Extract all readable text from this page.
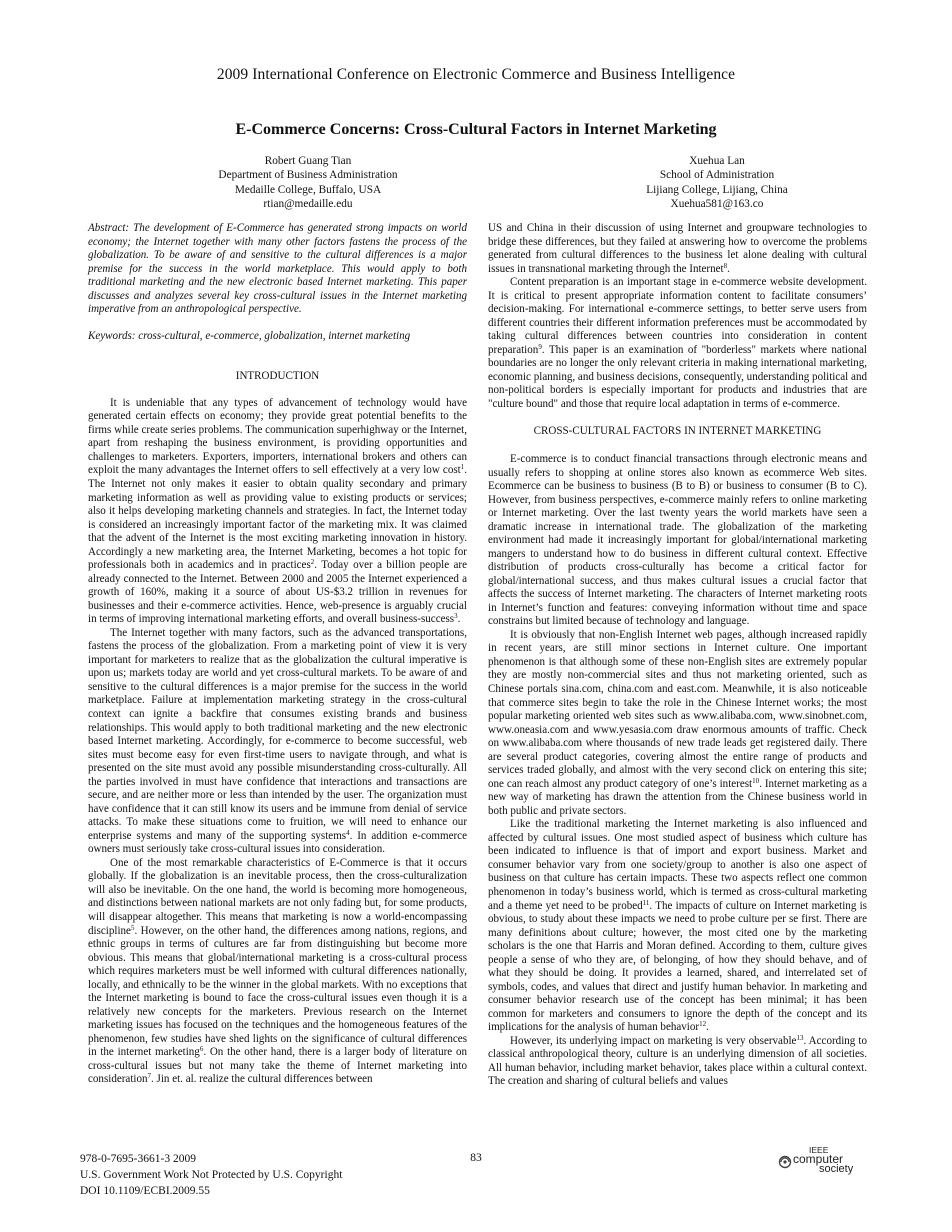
2009 International Conference on Electronic Commerce and Business Intelligence
E-Commerce Concerns: Cross-Cultural Factors in Internet Marketing
Robert Guang Tian
Department of Business Administration
Medaille College, Buffalo, USA
rtian@medaille.edu
Xuehua Lan
School of Administration
Lijiang College, Lijiang, China
Xuehua581@163.co

Abstract: The development of E-Commerce has generated strong impacts on world economy; the Internet together with many other factors fastens the process of the globalization. To be aware of and sensitive to the cultural differences is a major premise for the success in the world marketplace. This would apply to both traditional marketing and the new electronic based Internet marketing. This paper discusses and analyzes several key cross-cultural issues in the Internet marketing imperative from an anthropological perspective.

Keywords: cross-cultural, e-commerce, globalization, internet marketing

INTRODUCTION

It is undeniable that any types of advancement of technology would have generated certain effects on economy; they provide great potential benefits to the firms while create series problems. The communication superhighway or the Internet, apart from reshaping the business environment, is providing opportunities and challenges to marketers. Exporters, importers, international brokers and others can exploit the many advantages the Internet offers to sell effectively at a very low cost$^1$. The Internet not only makes it easier to obtain quality secondary and primary marketing information as well as providing value to existing products or services; also it helps developing marketing channels and strategies. In fact, the Internet today is considered an increasingly important factor of the marketing mix. It was claimed that the advent of the Internet is the most exciting marketing innovation in history. Accordingly a new marketing area, the Internet Marketing, becomes a hot topic for professionals both in academics and in practices$^2$. Today over a billion people are already connected to the Internet. Between 2000 and 2005 the Internet experienced a growth of 160%, making it a source of about US-$3.2 trillion in revenues for businesses and their e-commerce activities. Hence, web-presence is arguably crucial in terms of improving international marketing efforts, and overall business-success$^3$.

The Internet together with many factors, such as the advanced transportations, fastens the process of the globalization. From a marketing point of view it is very important for marketers to realize that as the globalization the cultural imperative is upon us; markets today are world and yet cross-cultural markets. To be aware of and sensitive to the cultural differences is a major premise for the success in the world marketplace. Failure at implementation marketing strategy in the cross-cultural context can ignite a backfire that consumes existing brands and business relationships. This would apply to both traditional marketing and the new electronic based Internet marketing. Accordingly, for e-commerce to become successful, web sites must become easy for even first-time users to navigate through, and what is presented on the site must avoid any possible misunderstanding cross-culturally. All the parties involved in must have confidence that interactions and transactions are secure, and are neither more or less than intended by the user. The organization must have confidence that it can still know its users and be immune from denial of service attacks. To make these situations come to fruition, we will need to enhance our enterprise systems and many of the supporting systems$^4$. In addition e-commerce owners must seriously take cross-cultural issues into consideration.

One of the most remarkable characteristics of E-Commerce is that it occurs globally. If the globalization is an inevitable process, then the cross-culturalization will also be inevitable. On the one hand, the world is becoming more homogeneous, and distinctions between national markets are not only fading but, for some products, will disappear altogether. This means that marketing is now a world-encompassing discipline$^5$. However, on the other hand, the differences among nations, regions, and ethnic groups in terms of cultures are far from distinguishing but become more obvious. This means that global/international marketing is a cross-cultural process which requires marketers must be well informed with cultural differences nationally, locally, and ethnically to be the winner in the global markets. With no exceptions that the Internet marketing is bound to face the cross-cultural issues even though it is a relatively new concepts for the marketers. Previous research on the Internet marketing issues has focused on the techniques and the homogeneous features of the phenomenon, few studies have shed lights on the significance of cultural differences in the internet marketing$^6$. On the other hand, there is a larger body of literature on cross-cultural issues but not many take the theme of Internet marketing into consideration$^7$. Jin et. al. realize the cultural differences between

US and China in their discussion of using Internet and groupware technologies to bridge these differences, but they failed at answering how to overcome the problems generated from cultural differences to the business let alone dealing with cultural issues in transnational marketing through the Internet$^8$.

Content preparation is an important stage in e-commerce website development. It is critical to present appropriate information content to facilitate consumers’ decision-making. For international e-commerce settings, to better serve users from different countries their different information preferences must be accommodated by taking cultural differences between countries into consideration in content preparation$^9$. This paper is an examination of "borderless" markets where national boundaries are no longer the only relevant criteria in making international marketing, economic planning, and business decisions, consequently, understanding political and non-political borders is especially important for products and industries that are "culture bound" and those that require local adaptation in terms of e-commerce.

CROSS-CULTURAL FACTORS IN INTERNET MARKETING

E-commerce is to conduct financial transactions through electronic means and usually refers to shopping at online stores also known as ecommerce Web sites. Ecommerce can be business to business (B to B) or business to consumer (B to C). However, from business perspectives, e-commerce mainly refers to online marketing or Internet marketing. Over the last twenty years the world markets have seen a dramatic increase in international trade. The globalization of the marketing environment had made it increasingly important for global/international marketing mangers to understand how to do business in different cultural context. Effective distribution of products cross-culturally has become a critical factor for global/international success, and thus makes cultural issues a crucial factor that affects the success of Internet marketing. The characters of Internet marketing roots in Internet’s function and features: conveying information without time and space constrains but limited because of technology and language.

It is obviously that non-English Internet web pages, although increased rapidly in recent years, are still minor sections in Internet culture. One important phenomenon is that although some of these non-English sites are extremely popular they are mostly non-commercial sites and thus not marketing oriented, such as Chinese portals sina.com, china.com and east.com. Meanwhile, it is also noticeable that commerce sites begin to take the role in the Chinese Internet works; the most popular marketing oriented web sites such as www.alibaba.com, www.sinobnet.com, www.oneasia.com and www.yesasia.com draw enormous amounts of traffic. Check on www.alibaba.com where thousands of new trade leads get registered daily. There are several product categories, covering almost the entire range of products and services traded globally, and almost with the very second click on entering this site; one can reach almost any product category of one’s interest$^{10}$. Internet marketing as a new way of marketing has drawn the attention from the Chinese business world in both public and private sectors.

Like the traditional marketing the Internet marketing is also influenced and affected by cultural issues. One most studied aspect of business which culture has been indicated to influence is that of import and export business. Market and consumer behavior vary from one society/group to another is also one aspect of business on that culture has certain impacts. These two aspects reflect one common phenomenon in today’s business world, which is termed as cross-cultural marketing and a theme yet need to be probed$^{11}$. The impacts of culture on Internet marketing is obvious, to study about these impacts we need to probe culture per se first. There are many definitions about culture; however, the most cited one by the marketing scholars is the one that Harris and Moran defined. According to them, culture gives people a sense of who they are, of belonging, of how they should behave, and of what they should be doing. It provides a learned, shared, and interrelated set of symbols, codes, and values that direct and justify human behavior. In marketing and consumer behavior research use of the concept has been minimal; it has been common for marketers and consumers to ignore the depth of the concept and its implications for the analysis of human behavior$^{12}$.

However, its underlying impact on marketing is very observable$^{13}$. According to classical anthropological theory, culture is an underlying dimension of all societies. All human behavior, including market behavior, takes place within a cultural context. The creation and sharing of cultural beliefs and values

978-0-7695-3661-3 2009
U.S. Government Work Not Protected by U.S. Copyright
DOI 10.1109/ECBI.2009.55
83
IEEE
computer
society
